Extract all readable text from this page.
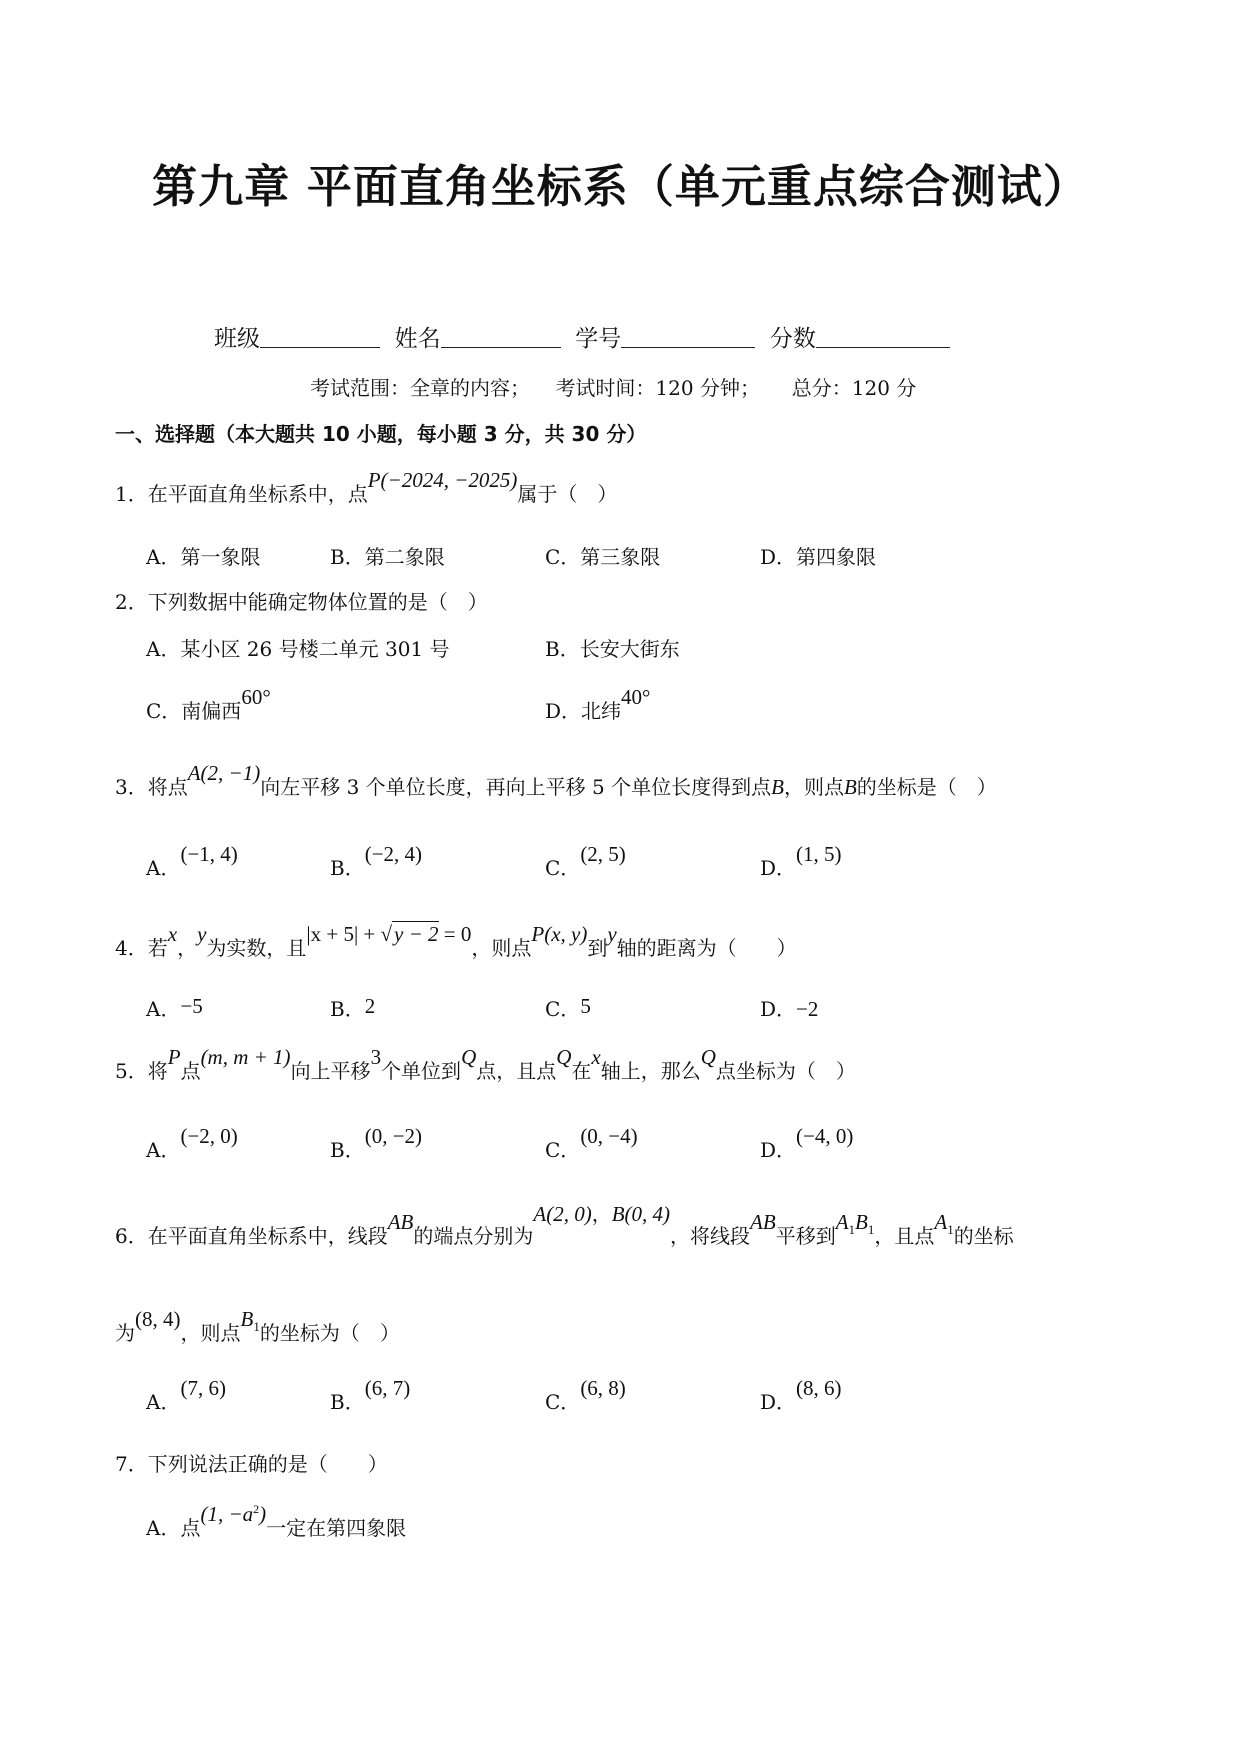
第九章 平面直角坐标系（单元重点综合测试）
班级	姓名	学号	分数
考试范围：全章的内容； 考试时间：120 分钟； 总分：120 分
一、选择题（本大题共 10 小题，每小题 3 分，共 30 分）
1．在平面直角坐标系中，点P(−2024, −2025)属于（　）
A．第一象限	B．第二象限	C．第三象限	D．第四象限
2．下列数据中能确定物体位置的是（　）
A．某小区 26 号楼二单元 301 号	B．长安大街东
C．南偏西60°
D．北纬40°
3．将点A(2, −1)向左平移 3 个单位长度，再向上平移 5 个单位长度得到点B，则点B的坐标是（　）
A．(−1, 4)
B．(−2, 4)
C．(2, 5)
D．(1, 5)
4．若x，y为实数，且|x + 5| + √y − 2 = 0，则点P(x, y)到y轴的距离为（　　）
A．−5	B．2	C．5	D．−2
5．将P点(m, m + 1)向上平移3个单位到Q点，且点Q在x轴上，那么Q点坐标为（　）
A．(−2, 0)
B．(0, −2)
C．(0, −4)
D．(−4, 0)
6．在平面直角坐标系中，线段AB的端点分别为A(2, 0)，B(0, 4)，将线段AB平移到$A_1B_1$，且点$A_1$的坐标
为(8, 4)，则点$B_1$的坐标为（　）
A．(7, 6)
B．(6, 7)
C．(6, 8)
D．(8, 6)
7．下列说法正确的是（　　）
A．点(1, $-a^2$)一定在第四象限
